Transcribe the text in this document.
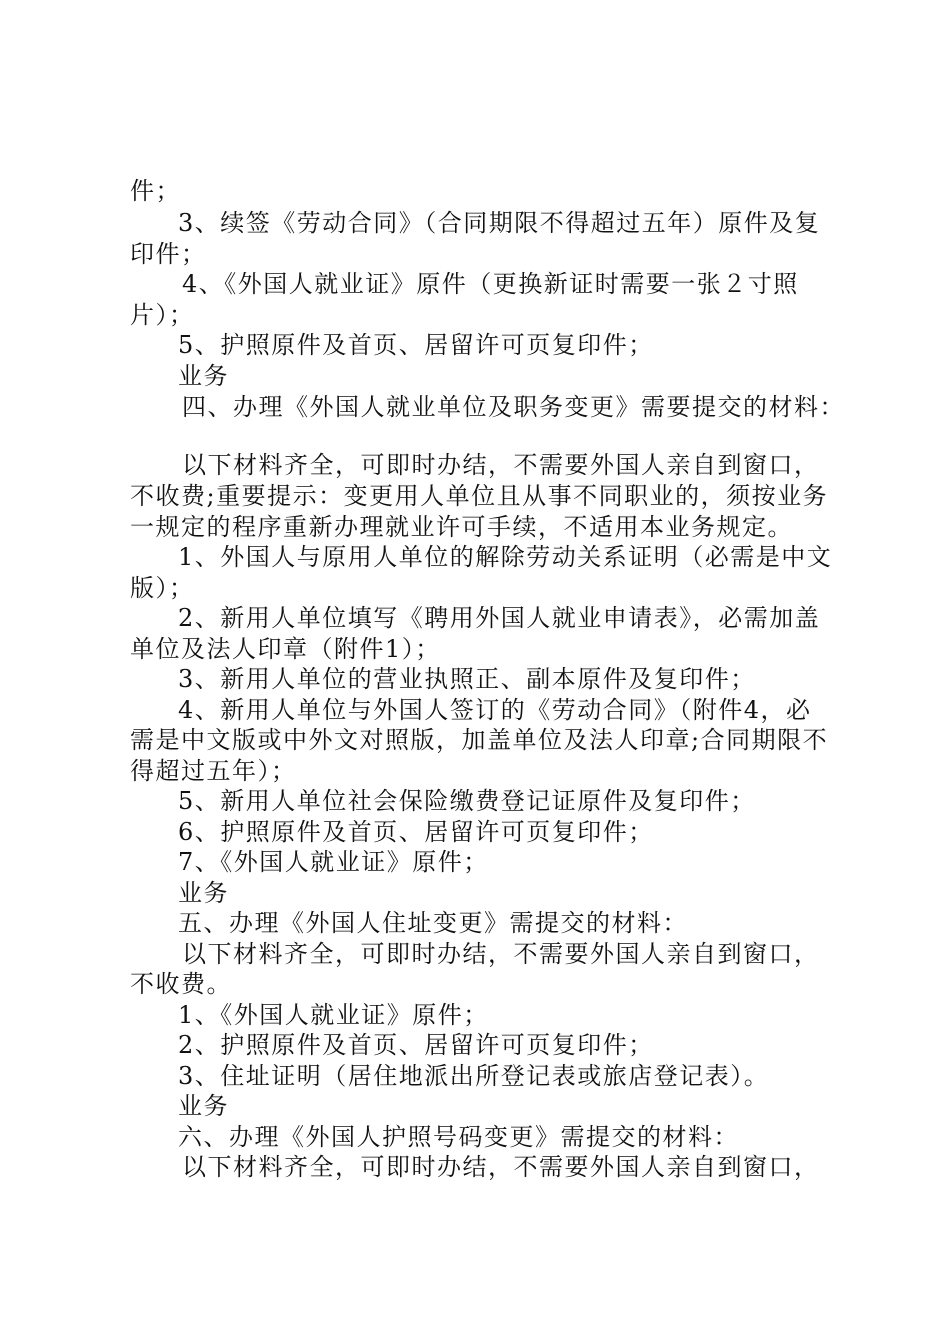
件；
3、续签《劳动合同》（合同期限不得超过五年）原件及复
印件；
4、《外国人就业证》原件（更换新证时需要一张２寸照
片）；
5、护照原件及首页、居留许可页复印件；
业务
四、办理《外国人就业单位及职务变更》需要提交的材料：
以下材料齐全，可即时办结，不需要外国人亲自到窗口，
不收费;重要提示：变更用人单位且从事不同职业的，须按业务
一规定的程序重新办理就业许可手续，不适用本业务规定。
1、外国人与原用人单位的解除劳动关系证明（必需是中文
版）；
2、新用人单位填写《聘用外国人就业申请表》，必需加盖
单位及法人印章（附件1）；
3、新用人单位的营业执照正、副本原件及复印件；
4、新用人单位与外国人签订的《劳动合同》（附件4，必
需是中文版或中外文对照版，加盖单位及法人印章;合同期限不
得超过五年）；
5、新用人单位社会保险缴费登记证原件及复印件；
6、护照原件及首页、居留许可页复印件；
7、《外国人就业证》原件；
业务
五、办理《外国人住址变更》需提交的材料：
以下材料齐全，可即时办结，不需要外国人亲自到窗口，
不收费。
1、《外国人就业证》原件；
2、护照原件及首页、居留许可页复印件；
3、住址证明（居住地派出所登记表或旅店登记表）。
业务
六、办理《外国人护照号码变更》需提交的材料：
以下材料齐全，可即时办结，不需要外国人亲自到窗口，
